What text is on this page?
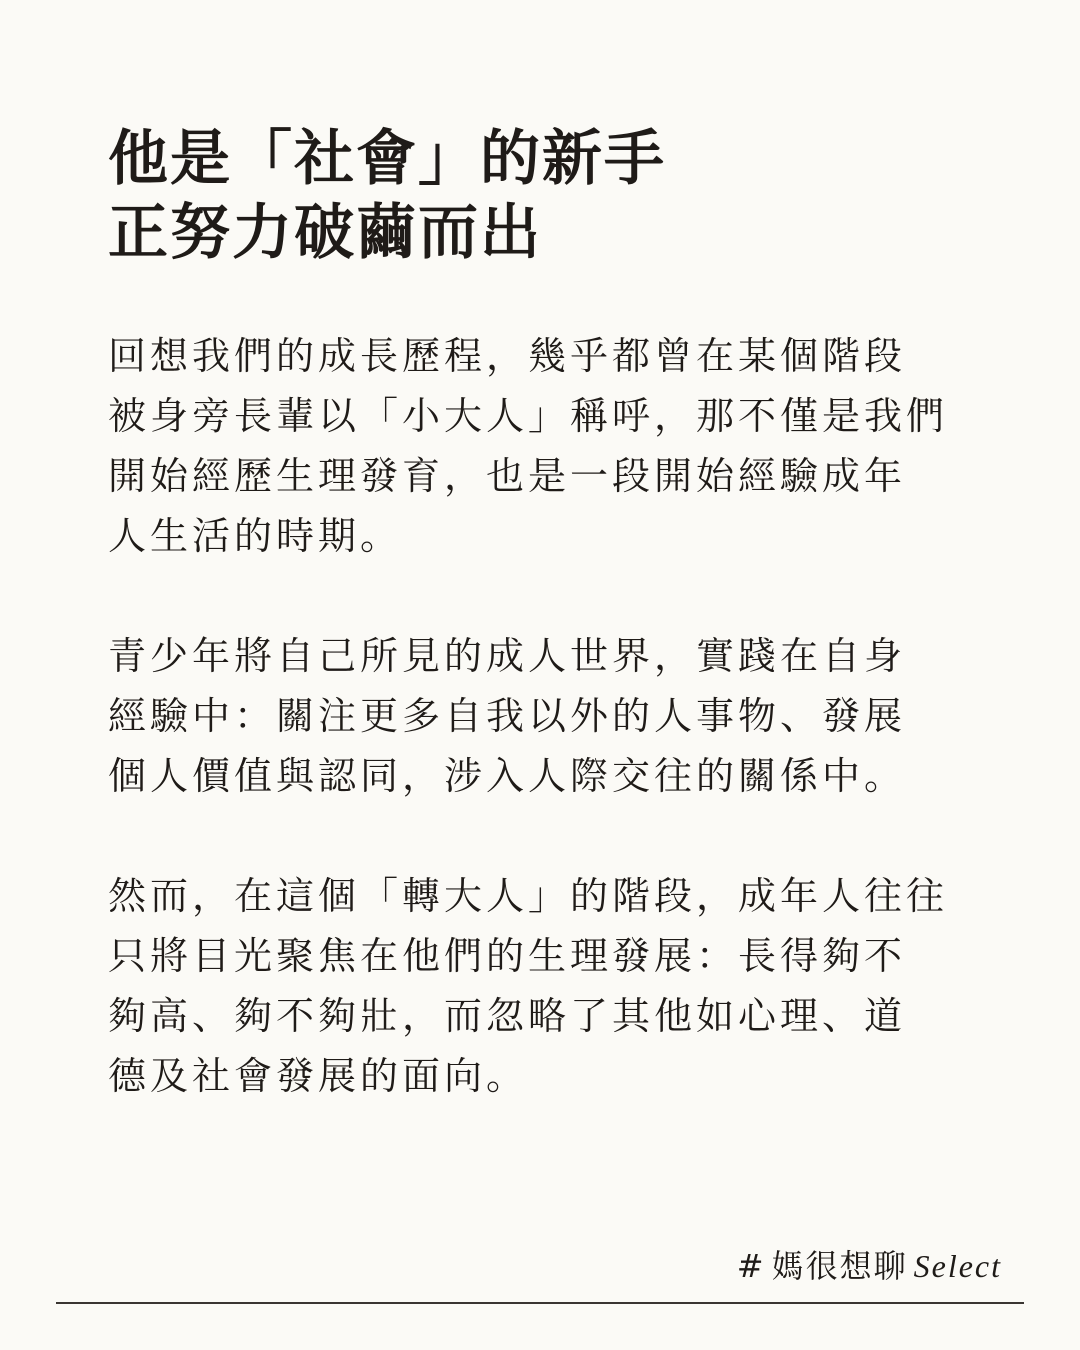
他是「社會」的新手
正努力破繭而出

回想我們的成長歷程，幾乎都曾在某個階段
被身旁長輩以「小大人」稱呼，那不僅是我們
開始經歷生理發育，也是一段開始經驗成年
人生活的時期。

青少年將自己所見的成人世界，實踐在自身
經驗中：關注更多自我以外的人事物、發展
個人價值與認同，涉入人際交往的關係中。

然而，在這個「轉大人」的階段，成年人往往
只將目光聚焦在他們的生理發展：長得夠不
夠高、夠不夠壯，而忽略了其他如心理、道
德及社會發展的面向。

# 媽很想聊 Select
